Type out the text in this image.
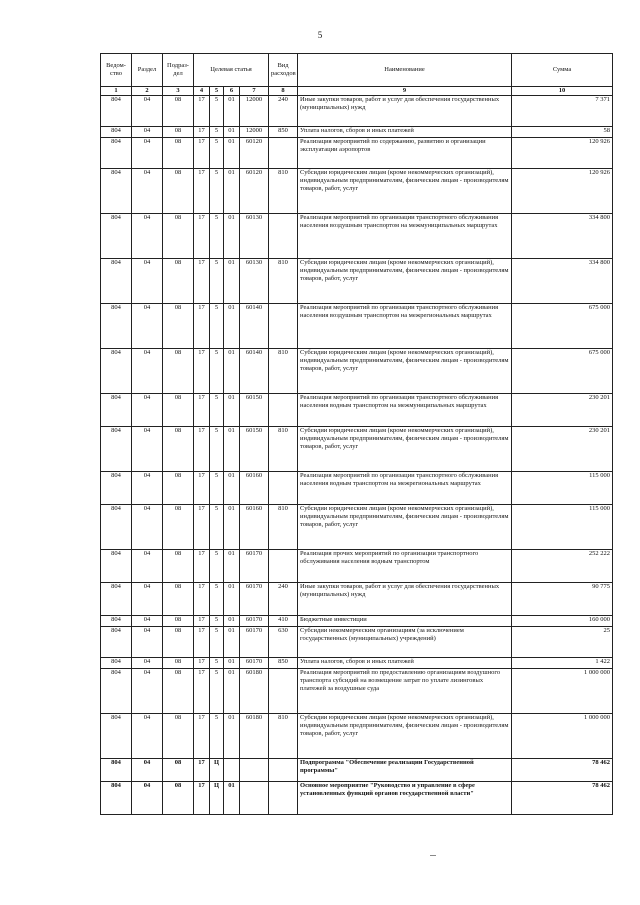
5
Ведом-ство	Раздел	Подраз-дел	Целевая статья				Вид расходов	Наименование	Сумма
1	2	3	4	5	6	7	8	9	10
804	04	08	17	5	01	12000	240	Иные закупки товаров, работ и услуг для обеспечения государственных (муниципальных) нужд	7 371
804	04	08	17	5	01	12000	850	Уплата налогов, сборов и иных платежей	58
804	04	08	17	5	01	60120		Реализация мероприятий по содержанию, развитию и организации эксплуатации аэропортов	120 926
804	04	08	17	5	01	60120	810	Субсидии юридическим лицам (кроме некоммерческих организаций), индивидуальным предпринимателям, физическим лицам - производителям товаров, работ, услуг	120 926
804	04	08	17	5	01	60130		Реализация мероприятий по организации транспортного обслуживания населения воздушным транспортом на межмуниципальных маршрутах	334 800
804	04	08	17	5	01	60130	810	Субсидии юридическим лицам (кроме некоммерческих организаций), индивидуальным предпринимателям, физическим лицам - производителям товаров, работ, услуг	334 800
804	04	08	17	5	01	60140		Реализация мероприятий по организации транспортного обслуживания населения воздушным транспортом на межрегиональных маршрутах	675 000
804	04	08	17	5	01	60140	810	Субсидии юридическим лицам (кроме некоммерческих организаций), индивидуальным предпринимателям, физическим лицам - производителям товаров, работ, услуг	675 000
804	04	08	17	5	01	60150		Реализация мероприятий по организации транспортного обслуживания населения водным транспортом на межмуниципальных маршрутах	230 201
804	04	08	17	5	01	60150	810	Субсидии юридическим лицам (кроме некоммерческих организаций), индивидуальным предпринимателям, физическим лицам - производителям товаров, работ, услуг	230 201
804	04	08	17	5	01	60160		Реализация мероприятий по организации транспортного обслуживания населения водным транспортом на межрегиональных маршрутах	115 000
804	04	08	17	5	01	60160	810	Субсидии юридическим лицам (кроме некоммерческих организаций), индивидуальным предпринимателям, физическим лицам - производителям товаров, работ, услуг	115 000
804	04	08	17	5	01	60170		Реализация прочих мероприятий по организации транспортного обслуживания населения водным транспортом	252 222
804	04	08	17	5	01	60170	240	Иные закупки товаров, работ и услуг для обеспечения государственных (муниципальных) нужд	90 775
804	04	08	17	5	01	60170	410	Бюджетные инвестиции	160 000
804	04	08	17	5	01	60170	630	Субсидии некоммерческим организациям (за исключением государственных (муниципальных) учреждений)	25
804	04	08	17	5	01	60170	850	Уплата налогов, сборов и иных платежей	1 422
804	04	08	17	5	01	60180		Реализация мероприятий по предоставлению организациям воздушного транспорта субсидий на возмещение затрат по уплате лизинговых платежей за воздушные суда	1 000 000
804	04	08	17	5	01	60180	810	Субсидии юридическим лицам (кроме некоммерческих организаций), индивидуальным предпринимателям, физическим лицам - производителям товаров, работ, услуг	1 000 000
804	04	08	17	Ц				Подпрограмма "Обеспечение реализации Государственной программы"	78 462
804	04	08	17	Ц	01			Основное мероприятие "Руководство и управление в сфере установленных функций органов государственной власти"	78 462
